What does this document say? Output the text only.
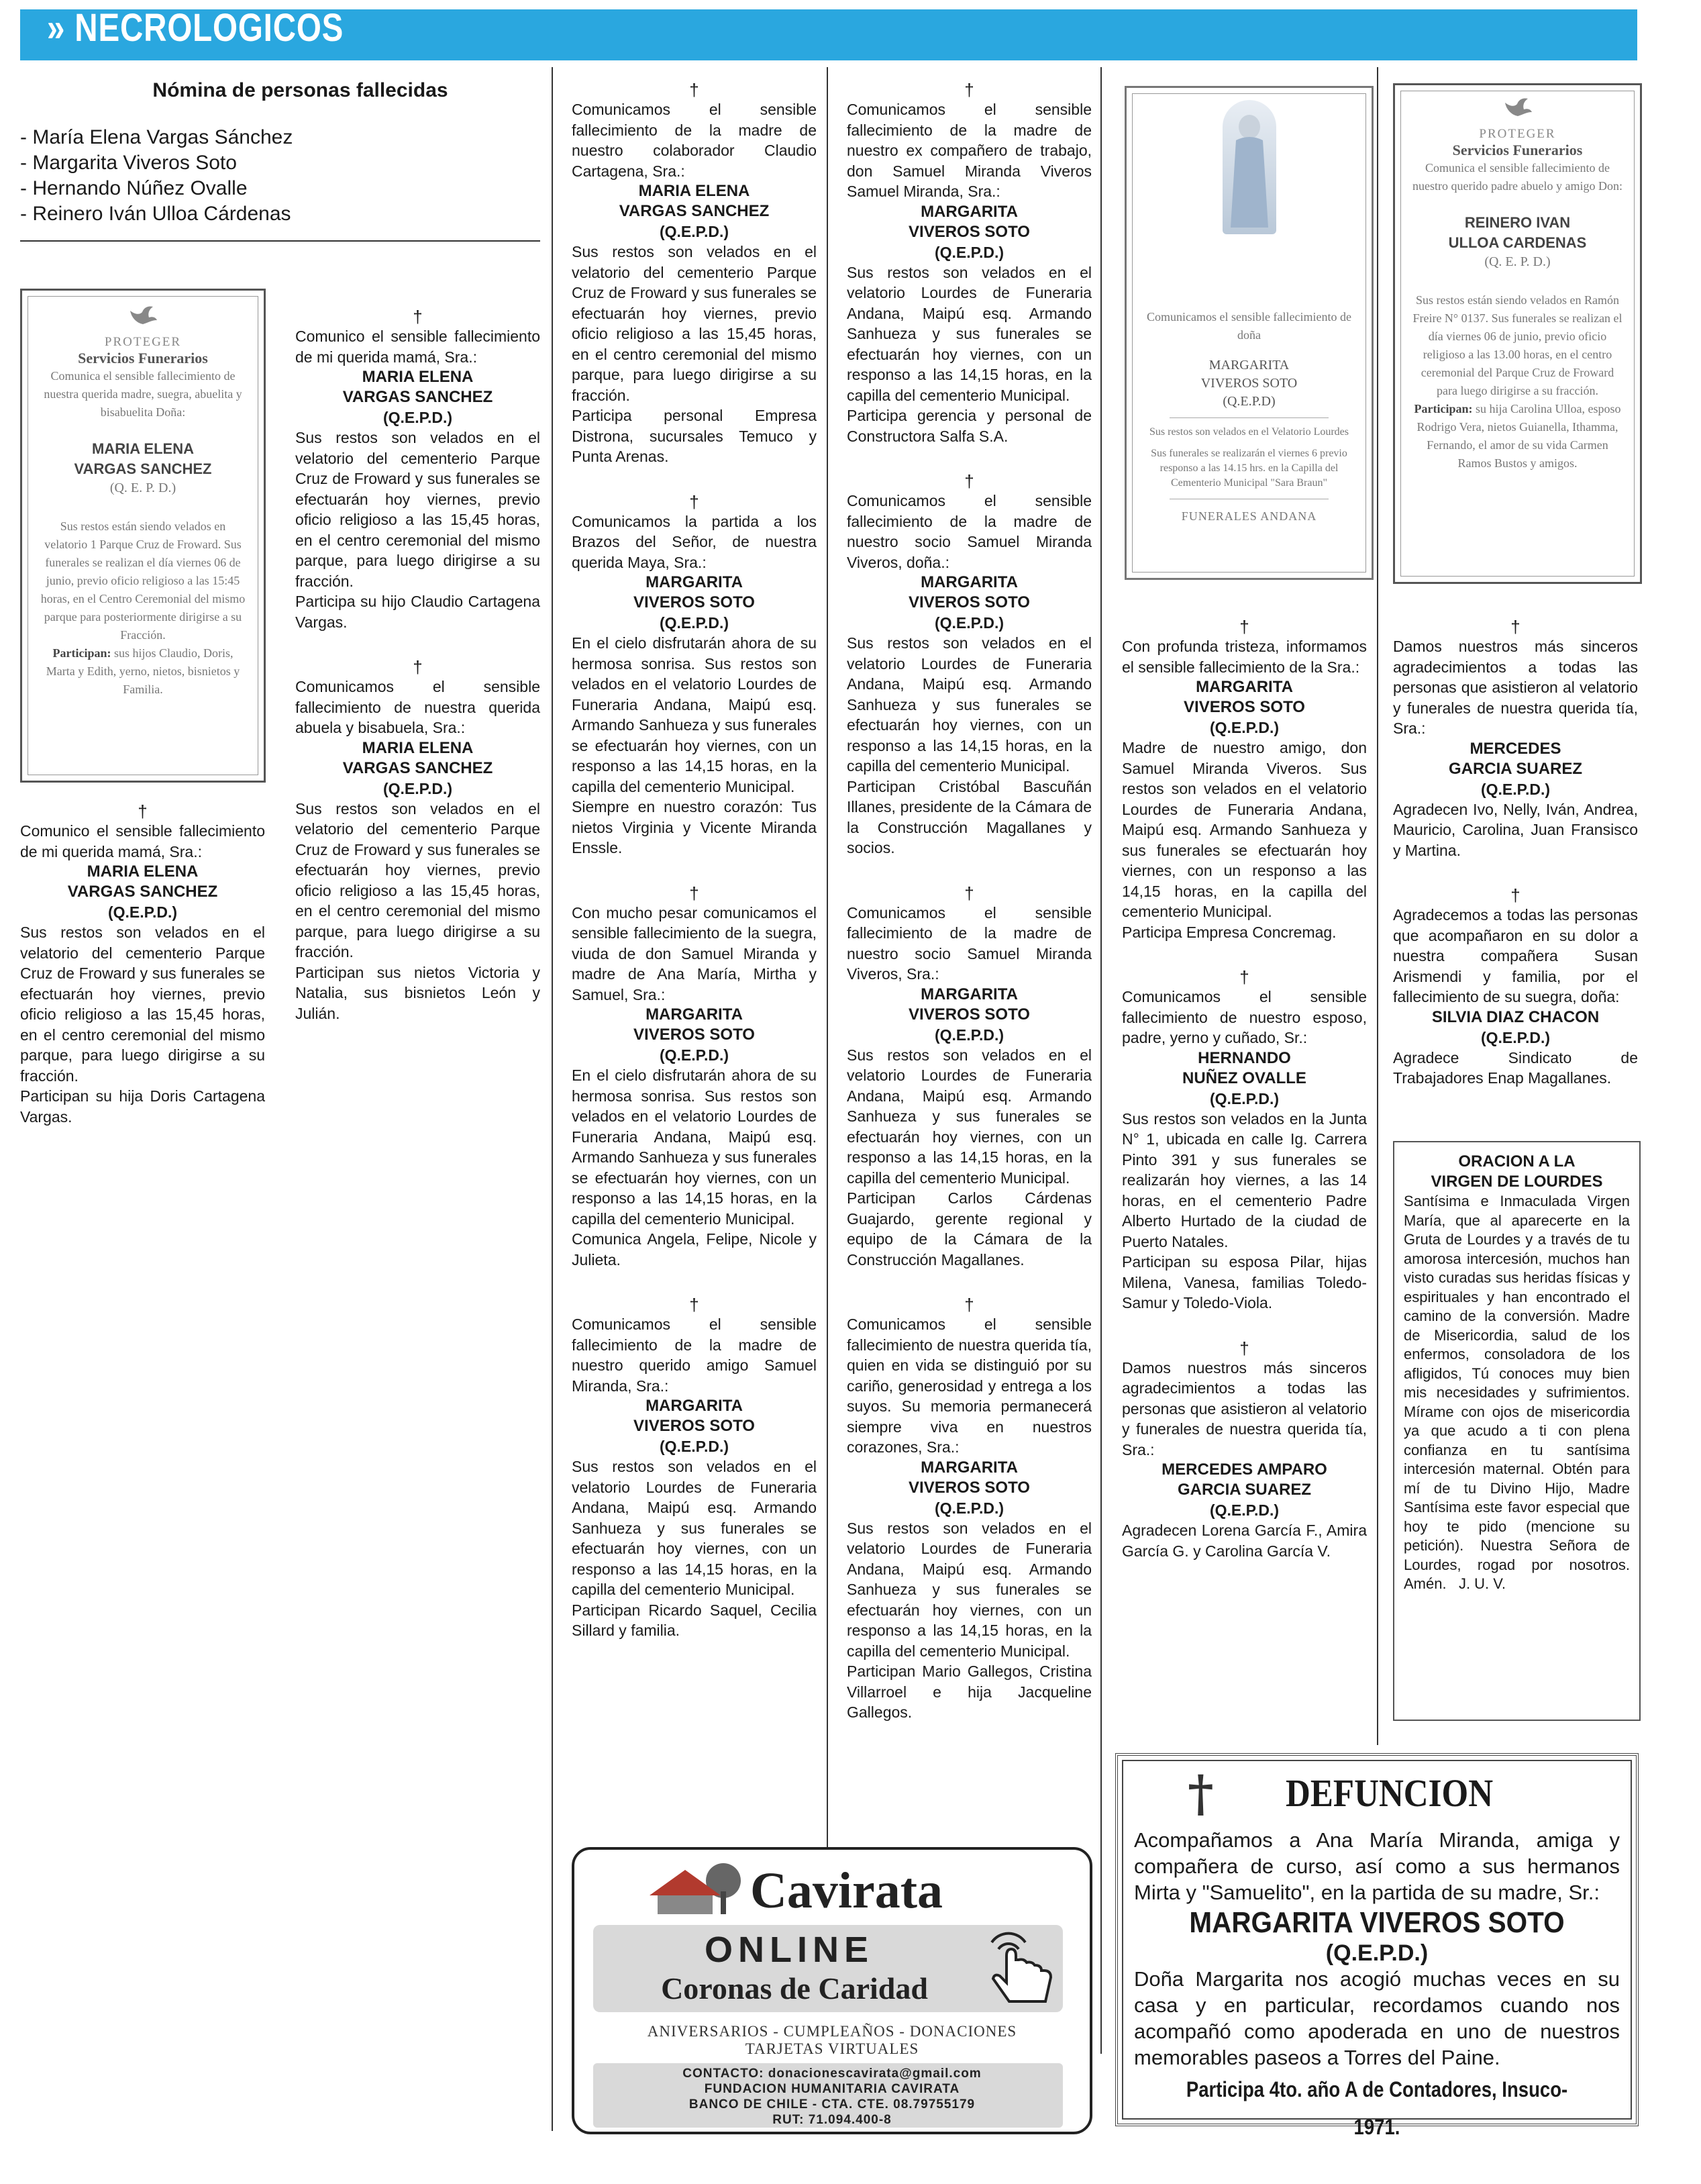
» NECROLOGICOS
Nómina de personas fallecidas
- María Elena Vargas Sánchez
- Margarita Viveros Soto
- Hernando Núñez Ovalle
- Reinero Iván Ulloa Cárdenas
PROTEGER
Servicios Funerarios
Comunica el sensible fallecimiento de nuestra querida madre, suegra, abuelita y bisabuelita Doña:
MARIA ELENA
VARGAS SANCHEZ
(Q. E. P. D.)
Sus restos están siendo velados en velatorio 1 Parque Cruz de Froward. Sus funerales se realizan el día viernes 06 de junio, previo oficio religioso a las 15:45 horas, en el Centro Ceremonial del mismo parque para posteriormente dirigirse a su Fracción.
Participan: sus hijos Claudio, Doris, Marta y Edith, yerno, nietos, bisnietos y Familia.
†

Comunico el sensible fallecimiento de mi querida mamá, Sra.:

MARIA ELENA
VARGAS SANCHEZ
(Q.E.P.D.)

Sus restos son velados en el velatorio del cementerio Parque Cruz de Froward y sus funerales se efectuarán hoy viernes, previo oficio religioso a las 15,45 horas, en el centro ceremonial del mismo parque, para luego dirigirse a su fracción.

Participan su hija Doris Cartagena Vargas.

†

Comunico el sensible fallecimiento de mi querida mamá, Sra.:

MARIA ELENA
VARGAS SANCHEZ
(Q.E.P.D.)

Sus restos son velados en el velatorio del cementerio Parque Cruz de Froward y sus funerales se efectuarán hoy viernes, previo oficio religioso a las 15,45 horas, en el centro ceremonial del mismo parque, para luego dirigirse a su fracción.

Participa su hijo Claudio Cartagena Vargas.

†

Comunicamos el sensible fallecimiento de nuestra querida abuela y bisabuela, Sra.:

MARIA ELENA
VARGAS SANCHEZ
(Q.E.P.D.)

Sus restos son velados en el velatorio del cementerio Parque Cruz de Froward y sus funerales se efectuarán hoy viernes, previo oficio religioso a las 15,45 horas, en el centro ceremonial del mismo parque, para luego dirigirse a su fracción.

Participan sus nietos Victoria y Natalia, sus bisnietos León y Julián.

†

Comunicamos el sensible fallecimiento de la madre de nuestro colaborador Claudio Cartagena, Sra.:

MARIA ELENA
VARGAS SANCHEZ
(Q.E.P.D.)

Sus restos son velados en el velatorio del cementerio Parque Cruz de Froward y sus funerales se efectuarán hoy viernes, previo oficio religioso a las 15,45 horas, en el centro ceremonial del mismo parque, para luego dirigirse a su fracción.

Participa personal Empresa Distrona, sucursales Temuco y Punta Arenas.

†

Comunicamos la partida a los Brazos del Señor, de nuestra querida Maya, Sra.:

MARGARITA
VIVEROS SOTO
(Q.E.P.D.)

En el cielo disfrutarán ahora de su hermosa sonrisa. Sus restos son velados en el velatorio Lourdes de Funeraria Andana, Maipú esq. Armando Sanhueza y sus funerales se efectuarán hoy viernes, con un responso a las 14,15 horas, en la capilla del cementerio Municipal.

Siempre en nuestro corazón: Tus nietos Virginia y Vicente Miranda Enssle.

†

Con mucho pesar comunicamos el sensible fallecimiento de la suegra, viuda de don Samuel Miranda y madre de Ana María, Mirtha y Samuel, Sra.:

MARGARITA
VIVEROS SOTO
(Q.E.P.D.)

En el cielo disfrutarán ahora de su hermosa sonrisa. Sus restos son velados en el velatorio Lourdes de Funeraria Andana, Maipú esq. Armando Sanhueza y sus funerales se efectuarán hoy viernes, con un responso a las 14,15 horas, en la capilla del cementerio Municipal.

Comunica Angela, Felipe, Nicole y Julieta.

†

Comunicamos el sensible fallecimiento de la madre de nuestro querido amigo Samuel Miranda, Sra.:

MARGARITA
VIVEROS SOTO
(Q.E.P.D.)

Sus restos son velados en el velatorio Lourdes de Funeraria Andana, Maipú esq. Armando Sanhueza y sus funerales se efectuarán hoy viernes, con un responso a las 14,15 horas, en la capilla del cementerio Municipal.

Participan Ricardo Saquel, Cecilia Sillard y familia.

†

Comunicamos el sensible fallecimiento de la madre de nuestro ex compañero de trabajo, don Samuel Miranda Viveros Samuel Miranda, Sra.:

MARGARITA
VIVEROS SOTO
(Q.E.P.D.)

Sus restos son velados en el velatorio Lourdes de Funeraria Andana, Maipú esq. Armando Sanhueza y sus funerales se efectuarán hoy viernes, con un responso a las 14,15 horas, en la capilla del cementerio Municipal.

Participa gerencia y personal de Constructora Salfa S.A.

†

Comunicamos el sensible fallecimiento de la madre de nuestro socio Samuel Miranda Viveros, doña.:

MARGARITA
VIVEROS SOTO
(Q.E.P.D.)

Sus restos son velados en el velatorio Lourdes de Funeraria Andana, Maipú esq. Armando Sanhueza y sus funerales se efectuarán hoy viernes, con un responso a las 14,15 horas, en la capilla del cementerio Municipal.

Participan Cristóbal Bascuñán Illanes, presidente de la Cámara de la Construcción Magallanes y socios.

†

Comunicamos el sensible fallecimiento de la madre de nuestro socio Samuel Miranda Viveros, Sra.:

MARGARITA
VIVEROS SOTO
(Q.E.P.D.)

Sus restos son velados en el velatorio Lourdes de Funeraria Andana, Maipú esq. Armando Sanhueza y sus funerales se efectuarán hoy viernes, con un responso a las 14,15 horas, en la capilla del cementerio Municipal.

Participan Carlos Cárdenas Guajardo, gerente regional y equipo de la Cámara de la Construcción Magallanes.

†

Comunicamos el sensible fallecimiento de nuestra querida tía, quien en vida se distinguió por su cariño, generosidad y entrega a los suyos. Su memoria permanecerá siempre viva en nuestros corazones, Sra.:

MARGARITA
VIVEROS SOTO
(Q.E.P.D.)

Sus restos son velados en el velatorio Lourdes de Funeraria Andana, Maipú esq. Armando Sanhueza y sus funerales se efectuarán hoy viernes, con un responso a las 14,15 horas, en la capilla del cementerio Municipal.

Participan Mario Gallegos, Cristina Villarroel e hija Jacqueline Gallegos.

Comunicamos el sensible fallecimiento de doña
MARGARITA
VIVEROS SOTO
(Q.E.P.D)
Sus restos son velados en el Velatorio Lourdes
Sus funerales se realizarán el viernes 6 previo responso a las 14.15 hrs. en la Capilla del Cementerio Municipal "Sara Braun"
FUNERALES ANDANA
†

Con profunda tristeza, informamos el sensible fallecimiento de la Sra.:

MARGARITA
VIVEROS SOTO
(Q.E.P.D.)

Madre de nuestro amigo, don Samuel Miranda Viveros. Sus restos son velados en el velatorio Lourdes de Funeraria Andana, Maipú esq. Armando Sanhueza y sus funerales se efectuarán hoy viernes, con un responso a las 14,15 horas, en la capilla del cementerio Municipal.

Participa Empresa Concremag.

†

Comunicamos el sensible fallecimiento de nuestro esposo, padre, yerno y cuñado, Sr.:

HERNANDO
NUÑEZ OVALLE
(Q.E.P.D.)

Sus restos son velados en la Junta N° 1, ubicada en calle Ig. Carrera Pinto 391 y sus funerales se realizarán hoy viernes, a las 14 horas, en el cementerio Padre Alberto Hurtado de la ciudad de Puerto Natales.

Participan su esposa Pilar, hijas Milena, Vanesa, familias Toledo- Samur y Toledo-Viola.

†

Damos nuestros más sinceros agradecimientos a todas las personas que asistieron al velatorio y funerales de nuestra querida tía, Sra.:

MERCEDES AMPARO
GARCIA SUAREZ
(Q.E.P.D.)

Agradecen Lorena García F., Amira García G. y Carolina García V.

PROTEGER
Servicios Funerarios
Comunica el sensible fallecimiento de nuestro querido padre abuelo y amigo Don:
REINERO IVAN
ULLOA CARDENAS
(Q. E. P. D.)
Sus restos están siendo velados en Ramón Freire N° 0137. Sus funerales se realizan el día viernes 06 de junio, previo oficio religioso a las 13.00 horas, en el centro ceremonial del Parque Cruz de Froward para luego dirigirse a su fracción.
Participan: su hija Carolina Ulloa, esposo Rodrigo Vera, nietos Guianella, Ithamma, Fernando, el amor de su vida Carmen Ramos Bustos y amigos.
†

Damos nuestros más sinceros agradecimientos a todas las personas que asistieron al velatorio y funerales de nuestra querida tía, Sra.:

MERCEDES
GARCIA SUAREZ
(Q.E.P.D.)

Agradecen Ivo, Nelly, Iván, Andrea, Mauricio, Carolina, Juan Fransisco y Martina.

†

Agradecemos a todas las personas que acompañaron en su dolor a nuestra compañera Susan Arismendi y familia, por el fallecimiento de su suegra, doña:

SILVIA DIAZ CHACON
(Q.E.P.D.)

Agradece Sindicato de Trabajadores Enap Magallanes.

ORACION A LA
VIRGEN DE LOURDES

Santísima e Inmaculada Virgen María, que al aparecerte en la Gruta de Lourdes y a través de tu amorosa intercesión, muchos han visto curadas sus heridas físicas y espirituales y han encontrado el camino de la conversión. Madre de Misericordia, salud de los enfermos, consoladora de los afligidos, Tú conoces muy bien mis necesidades y sufrimientos. Mírame con ojos de misericordia ya que acudo a ti con plena confianza en tu santísima intercesión maternal. Obtén para mí de tu Divino Hijo, Madre Santísima este favor especial que hoy te pido (mencione su petición). Nuestra Señora de Lourdes, rogad por nosotros. Amén. J. U. V.

Cavirata
ONLINE
Coronas de Caridad
ANIVERSARIOS - CUMPLEAÑOS - DONACIONES
TARJETAS VIRTUALES
CONTACTO: donacionescavirata@gmail.com
FUNDACION HUMANITARIA CAVIRATA
BANCO DE CHILE - CTA. CTE. 08.79755179
RUT: 71.094.400-8
† DEFUNCION

Acompañamos a Ana María Miranda, amiga y compañera de curso, así como a sus hermanos Mirta y "Samuelito", en la partida de su madre, Sr.:

MARGARITA VIVEROS SOTO
(Q.E.P.D.)

Doña Margarita nos acogió muchas veces en su casa y en particular, recordamos cuando nos acompañó como apoderada en uno de nuestros memorables paseos a Torres del Paine.

Participa 4to. año A de Contadores, Insuco- 1971.
